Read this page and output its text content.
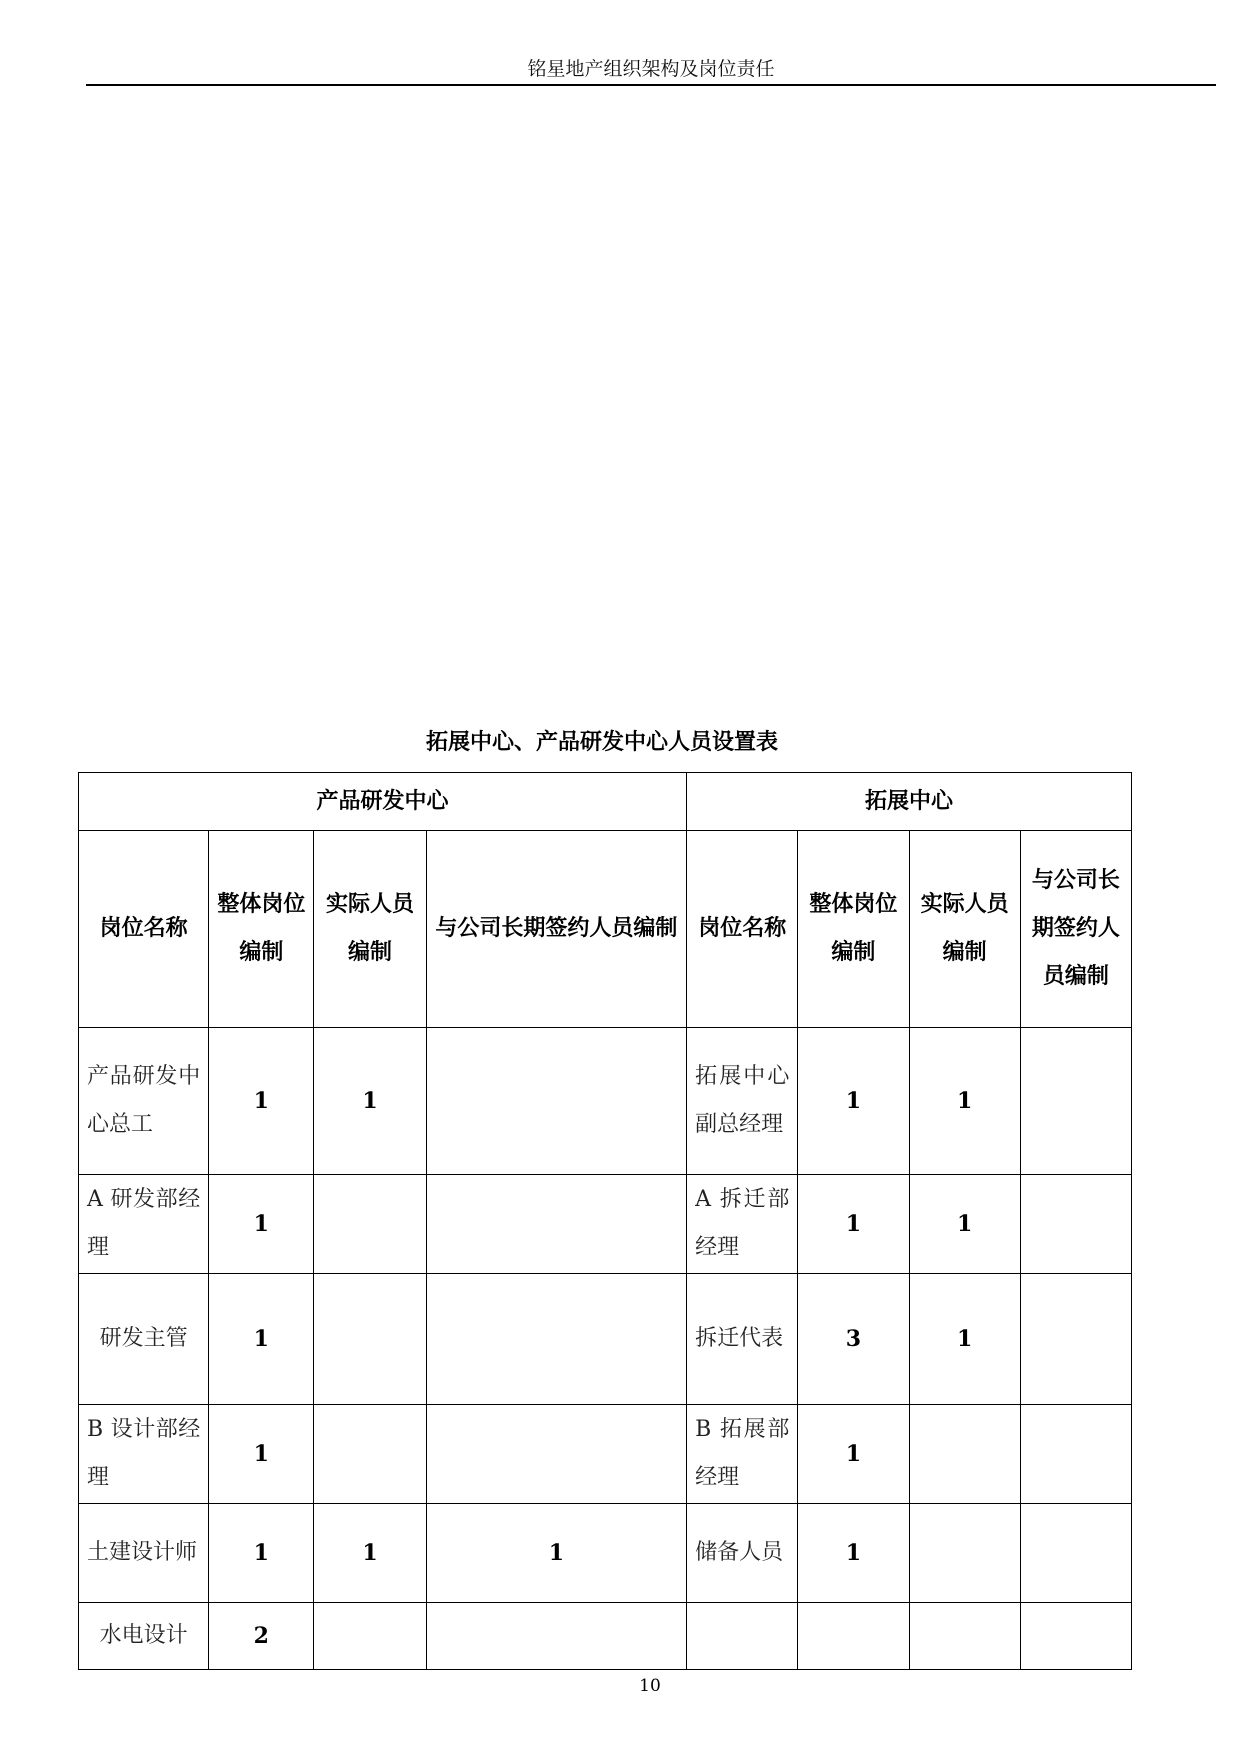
铭星地产组织架构及岗位责任
拓展中心、产品研发中心人员设置表
产品研发中心				拓展中心			
岗位名称	整体岗位编制	实际人员编制	与公司长期签约人员编制	岗位名称	整体岗位编制	实际人员编制	与公司长期签约人员编制
产品研发中心总工	1	1		拓展中心副总经理	1	1	
A 研发部经理	1			A 拆迁部经理	1	1	
研发主管	1			拆迁代表	3	1	
B 设计部经理	1			B 拓展部经理	1		
土建设计师	1	1	1	储备人员	1		
水电设计	2						
10
